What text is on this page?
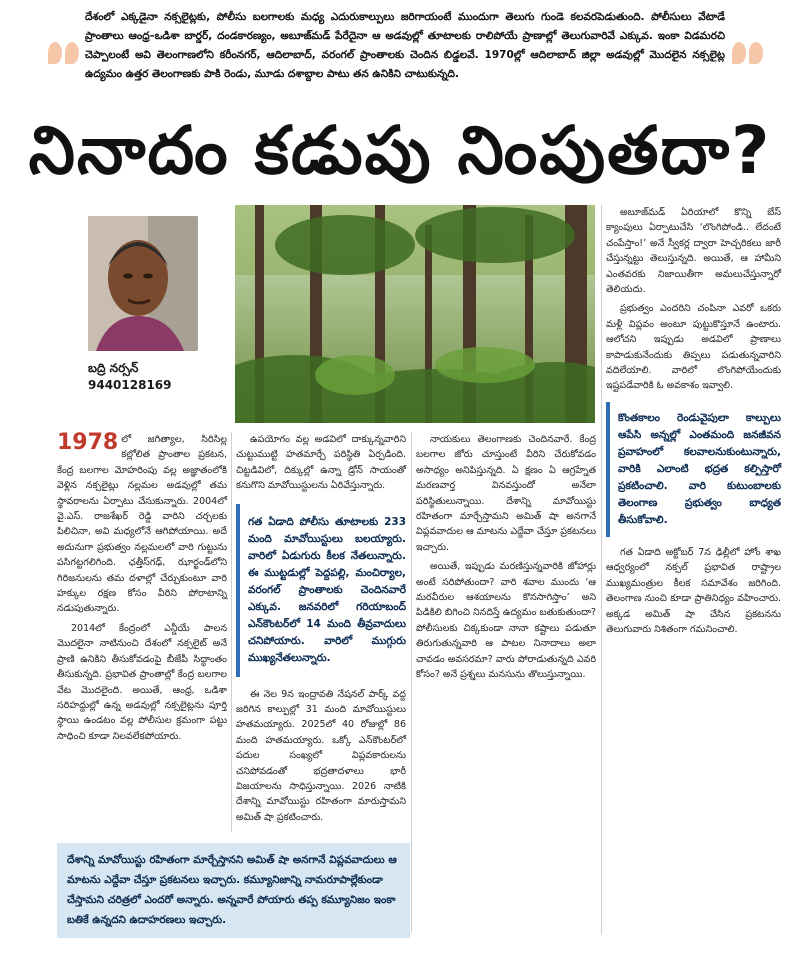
దేశంలో ఎక్కడైనా నక్సలైట్లకు, పోలీసు బలగాలకు మధ్య ఎదురుకాల్పులు జరిగాయంటే ముందుగా తెలుగు గుండె కలవరపెడుతుంది. పోలీసులు వేటాడే ప్రాంతాలు ఆంధ్ర–ఒడిశా బార్డర్, దండకారణ్యం, అబూజ్‌మడ్ పేరేదైనా ఆ అడవుల్లో తూటాలకు రాలిపోయే ప్రాణాల్లో తెలుగువారివే ఎక్కువ. ఇంకా విడమరచి చెప్పాలంటే అవి తెలంగాణలోని కరీంనగర్, ఆదిలాబాద్, వరంగల్ ప్రాంతాలకు చెందిన బిడ్డలవే. 1970ల్లో ఆదిలాబాద్ జిల్లా అడవుల్లో మొదలైన నక్సలైట్ల ఉద్యమం ఉత్తర తెలంగాణకు పాకి రెండు, మూడు దశాబ్దాల పాటు తన ఉనికిని చాటుకున్నది.
నినాదం కడుపు నింపుతదా?
బద్రి నర్సన్
9440128169

1978 లో జగిత్యాల, సిరిసిల్ల కల్లోలిత ప్రాంతాల ప్రకటన, కేంద్ర బలగాల మోహరింపు వల్ల అజ్ఞాతంలోకి వెళ్లిన నక్సలైట్లు నల్లమల అడవుల్లో తమ స్థావరాలను ఏర్పాటు చేసుకున్నారు. 2004లో వై.ఎస్. రాజశేఖర్ రెడ్డి వారిని చర్చలకు పిలిచినా, అవి మధ్యలోనే ఆగిపోయాయి. అదే అదునుగా ప్రభుత్వం నల్లమలలో వారి గుట్టును పసిగట్టగలిగింది. ఛత్తీస్‌గఢ్, ఝార్ఖండ్‌లోని గిరిజనులను తమ దళాల్లో చేర్చుకుంటూ వారి హక్కుల రక్షణ కోసం వీరిని పోరాటాన్ని నడుపుతున్నారు.

2014లో కేంద్రంలో ఎన్డీయే పాలన మొదలైనా నాటినుంచి దేశంలో నక్సలైట్ అనే ప్రాణి ఉనికిని తీసుకోవడంపై బీజేపీ సిద్ధాంతం తీసుకున్నది. ప్రభావిత ప్రాంతాల్లో కేంద్ర బలగాల వేట మొదలైంది. అయితే, ఆంధ్ర, ఒడిశా సరిహద్దుల్లో ఉన్న అడవుల్లో నక్సలైట్లను పూర్తి స్థాయి ఉండటం వల్ల పోలీసుల క్రమంగా పట్టు సాధించి కూడా నిలవలేకపోయారు.

ఉపయోగం వల్ల అడవిలో దాక్కున్నవారిని చుట్టుముట్టి హతమార్చే పరిస్థితి ఏర్పడింది. చిట్టడివిలో, దిక్కుల్లో ఉన్నా డ్రోన్ సాయంతో కనుగొని మావోయిస్టులను ఏరివేస్తున్నారు.

గత ఏడాది పోలీసు తూటాలకు 233 మంది మావోయిస్టులు బలయ్యారు. వారిలో ఏడుగురు కీలక నేతలున్నారు. ఈ ముట్టడుల్లో పెద్దపల్లి, మంచిర్యాల, వరంగల్ ప్రాంతాలకు చెందినవారే ఎక్కువ. జనవరిలో గరియాబంద్ ఎన్‌కౌంటర్‌లో 14 మంది తీవ్రవాదులు చనిపోయారు. వారిలో ముగ్గురు ముఖ్యనేతలున్నారు.

ఈ నెల 9న ఇంద్రావతి నేషనల్ పార్క్ వద్ద జరిగిన కాల్పుల్లో 31 మంది మావోయిస్టులు హతమయ్యారు. 2025లో 40 రోజుల్లో 86 మంది హతమయ్యారు. ఒక్కో ఎన్‌కౌంటర్‌లో పదుల సంఖ్యలో విప్లవకారులను చనిపోవడంతో భద్రతాదళాలు భారీ విజయాలను సాధిస్తున్నాయి. 2026 నాటికి దేశాన్ని మావోయిస్టు రహితంగా మారుస్తామని అమిత్ షా ప్రకటించారు.

నాయకులు తెలంగాణకు చెందినవారే. కేంద్ర బలగాల జోరు చూస్తుంటే వీరిని చేరుకోవడం అసాధ్యం అనిపిస్తున్నది. ఏ క్షణం ఏ ఆగ్రహ్నేత మరణవార్త వినవస్తుందో అనేలా పరిస్థితులున్నాయి. దేశాన్ని మావోయిస్టు రహితంగా మార్చేస్తామని అమిత్ షా అనగానే విప్లవవాదుల ఆ మాటను ఎద్దేవా చేస్తూ ప్రకటనలు ఇచ్చారు.

అయితే, ఇప్పుడు మరణిస్తున్నవారికి జోహార్లు అంటే సరిపోతుందా? వారి శవాల ముందు ‘ఆ మరవీరుల ఆశయాలను కొనసాగిస్తాం’ అని పిడికిలి బిగించి నినదిస్తే ఉద్యమం బతుకుతుందా? పోలీసులకు చిక్కకుండా నానా కష్టాలు పడుతూ తిరుగుతున్నవారి ఆ పాటల నినాదాలు అలా చావడం అవసరమా? వారు పోరాడుతున్నది ఎవరి కోసం? అనే ప్రశ్నలు మనసును తొలుస్తున్నాయి.

అబూజ్‌మడ్ ఏరియాలో కొన్ని బేస్ క్యాంపులు ఏర్పాటుచేసి ‘లొంగిపోండి.. లేదంటే చంపేస్తాం!’ అనే స్వీకర్ల ద్వారా హెచ్చరికలు జారీ చేస్తున్నట్టు తెలుస్తున్నది. అయితే, ఆ హామీని ఎంతవరకు నిజాయితీగా అమలుచేస్తున్నారో తెలియదు.

ప్రభుత్వం ఎందరిని చంపినా ఎవరో ఒకరు మళ్లీ విప్లవం అంటూ పుట్టుకొస్తూనే ఉంటారు. ఆలోచని ఇప్పుడు అడవిలో ప్రాణాలు కాపాడుకునేందుకు తిప్పలు పడుతున్నవారిని వదిలేయాలి. వారిలో లొంగిపోయేందుకు ఇష్టపడేవారికి ఓ అవకాశం ఇవ్వాలి.

కొంతకాలం రెండువైపులా కాల్పులు ఆపేసి అన్నల్లో ఎంతమంది జనజీవన ప్రవాహంలో కలవాలనుకుంటున్నారు, వారికి ఎలాంటి భద్రత కల్పిస్తారో ప్రకటించాలి. వారి కుటుంబాలకు తెలంగాణ ప్రభుత్వం బాధ్యత తీసుకోవాలి.

గత ఏడాది అక్టోబర్ 7న ఢిల్లీలో హోం శాఖ ఆధ్వర్యంలో నక్సల్ ప్రభావిత రాష్ట్రాల ముఖ్యమంత్రుల కీలక సమావేశం జరిగింది. తెలంగాణ నుంచి కూడా ప్రాతినిధ్యం వహించారు. అక్కడ అమిత్ షా చేసిన ప్రకటనను తెలుగువారు నిశితంగా గమనించాలి.

దేశాన్ని మావోయిస్టు రహితంగా మార్చేస్తానని అమిత్ షా అనగానే విప్లవవాదులు ఆ మాటను ఎద్దేవా చేస్తూ ప్రకటనలు ఇచ్చారు. కమ్యూనిజాన్ని నామరూపాల్లేకుండా చేస్తామని చరిత్రలో ఎందరో అన్నారు. అన్నవారే పోయారు తప్ప కమ్యూనిజం ఇంకా బతికే ఉన్నదని ఉదాహరణలు ఇచ్చారు.
